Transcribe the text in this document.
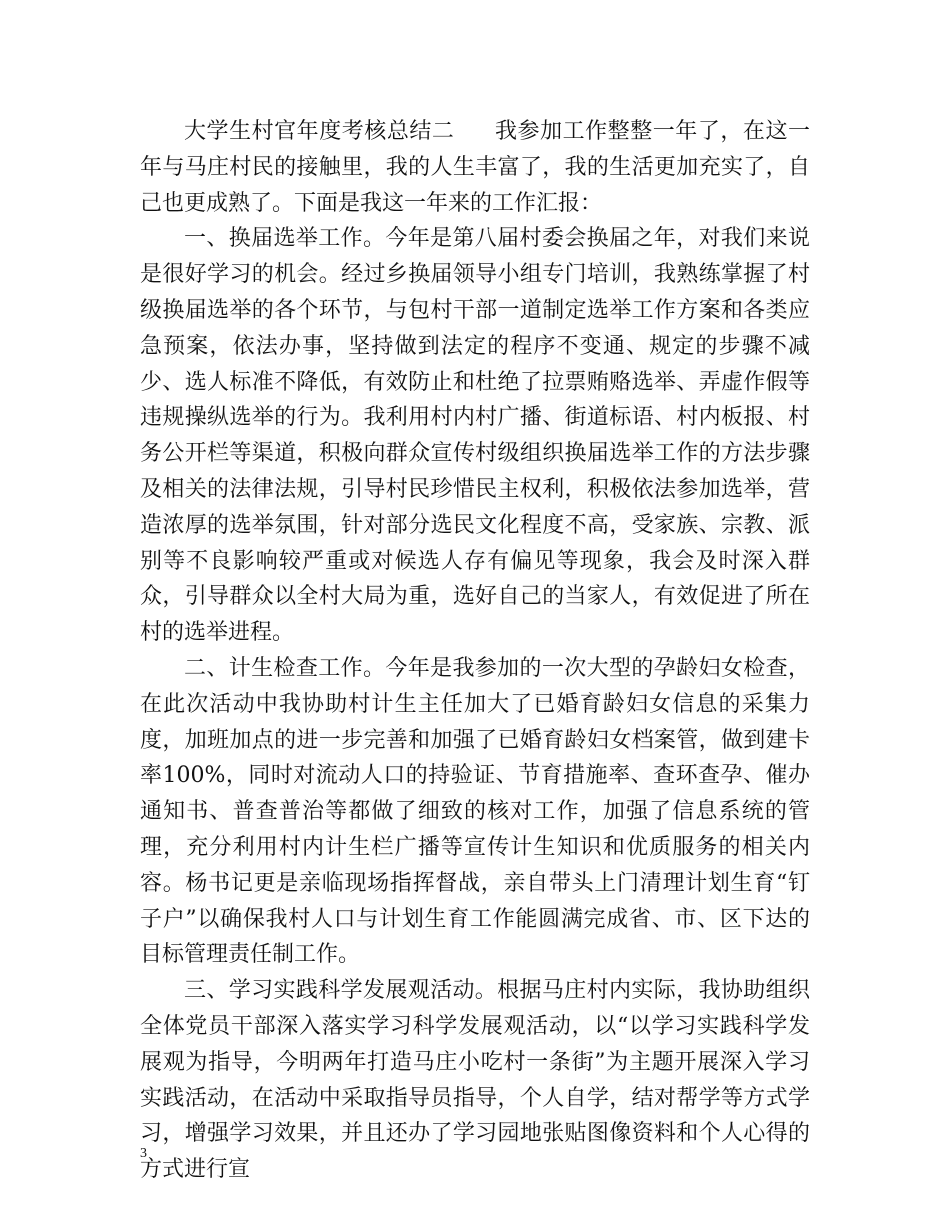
大学生村官年度考核总结二 我参加工作整整一年了，在这一年与马庄村民的接触里，我的人生丰富了，我的生活更加充实了，自己也更成熟了。下面是我这一年来的工作汇报：

一、换届选举工作。今年是第八届村委会换届之年，对我们来说是很好学习的机会。经过乡换届领导小组专门培训，我熟练掌握了村级换届选举的各个环节，与包村干部一道制定选举工作方案和各类应急预案，依法办事，坚持做到法定的程序不变通、规定的步骤不减少、选人标准不降低，有效防止和杜绝了拉票贿赂选举、弄虚作假等违规操纵选举的行为。我利用村内村广播、街道标语、村内板报、村务公开栏等渠道，积极向群众宣传村级组织换届选举工作的方法步骤及相关的法律法规，引导村民珍惜民主权利，积极依法参加选举，营造浓厚的选举氛围，针对部分选民文化程度不高，受家族、宗教、派别等不良影响较严重或对候选人存有偏见等现象，我会及时深入群众，引导群众以全村大局为重，选好自己的当家人，有效促进了所在村的选举进程。

二、计生检查工作。今年是我参加的一次大型的孕龄妇女检查，在此次活动中我协助村计生主任加大了已婚育龄妇女信息的采集力度，加班加点的进一步完善和加强了已婚育龄妇女档案管，做到建卡率100%，同时对流动人口的持验证、节育措施率、查环查孕、催办通知书、普查普治等都做了细致的核对工作，加强了信息系统的管理，充分利用村内计生栏广播等宣传计生知识和优质服务的相关内容。杨书记更是亲临现场指挥督战，亲自带头上门清理计划生育“钉子户”以确保我村人口与计划生育工作能圆满完成省、市、区下达的目标管理责任制工作。

三、学习实践科学发展观活动。根据马庄村内实际，我协助组织全体党员干部深入落实学习科学发展观活动，以“以学习实践科学发展观为指导，今明两年打造马庄小吃村一条街”为主题开展深入学习实践活动，在活动中采取指导员指导，个人自学，结对帮学等方式学习，增强学习效果，并且还办了学习园地张贴图像资料和个人心得的方式进行宣

3
